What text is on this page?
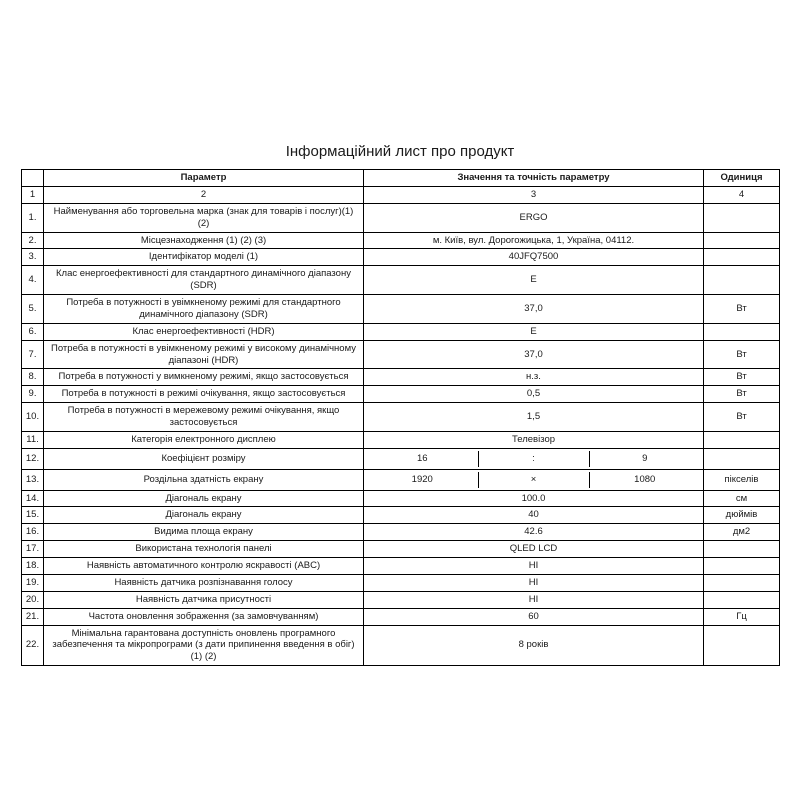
Інформаційний лист про продукт
	Параметр	Значення та точність параметру	Одиниця
1	2	3	4
1.	Найменування або торговельна марка (знак для товарів і послуг)(1) (2)	ERGO	
2.	Місцезнаходження (1) (2) (3)	м. Київ, вул. Дорогожицька, 1, Україна, 04112.	
3.	Ідентифікатор моделі (1)	40JFQ7500	
4.	Клас енергоефективності для стандартного динамічного діапазону (SDR)	E	
5.	Потреба в потужності в увімкненому режимі для стандартного динамічного діапазону (SDR)	37,0	Вт
6.	Клас енергоефективності (HDR)	E	
7.	Потреба в потужності в увімкненому режимі у високому динамічному діапазоні (HDR)	37,0	Вт
8.	Потреба в потужності у вимкненому режимі, якщо застосовується	н.з.	Вт
9.	Потреба в потужності в режимі очікування, якщо застосовується	0,5	Вт
10.	Потреба в потужності в мережевому режимі очікування, якщо застосовується	1,5	Вт
11.	Категорія електронного дисплею	Телевізор	
12.	Коефіцієнт розміру	16	:	9

13.	Роздільна здатність екрану	1920	×	1080	пікселів
14.	Діагональ екрану	100.0	см
15.	Діагональ екрану	40	дюймів
16.	Видима площа екрану	42.6	дм2
17.	Використана технологія панелі	QLED LCD	
18.	Наявність автоматичного контролю яскравості (ABC)	НІ	
19.	Наявність датчика розпізнавання голосу	НІ	
20.	Наявність датчика присутності	НІ	
21.	Частота оновлення зображення (за замовчуванням)	60	Гц
22.	Мінімальна гарантована доступність оновлень програмного забезпечення та мікропрограми (з дати припинення введення в обіг) (1) (2)	8 років	
